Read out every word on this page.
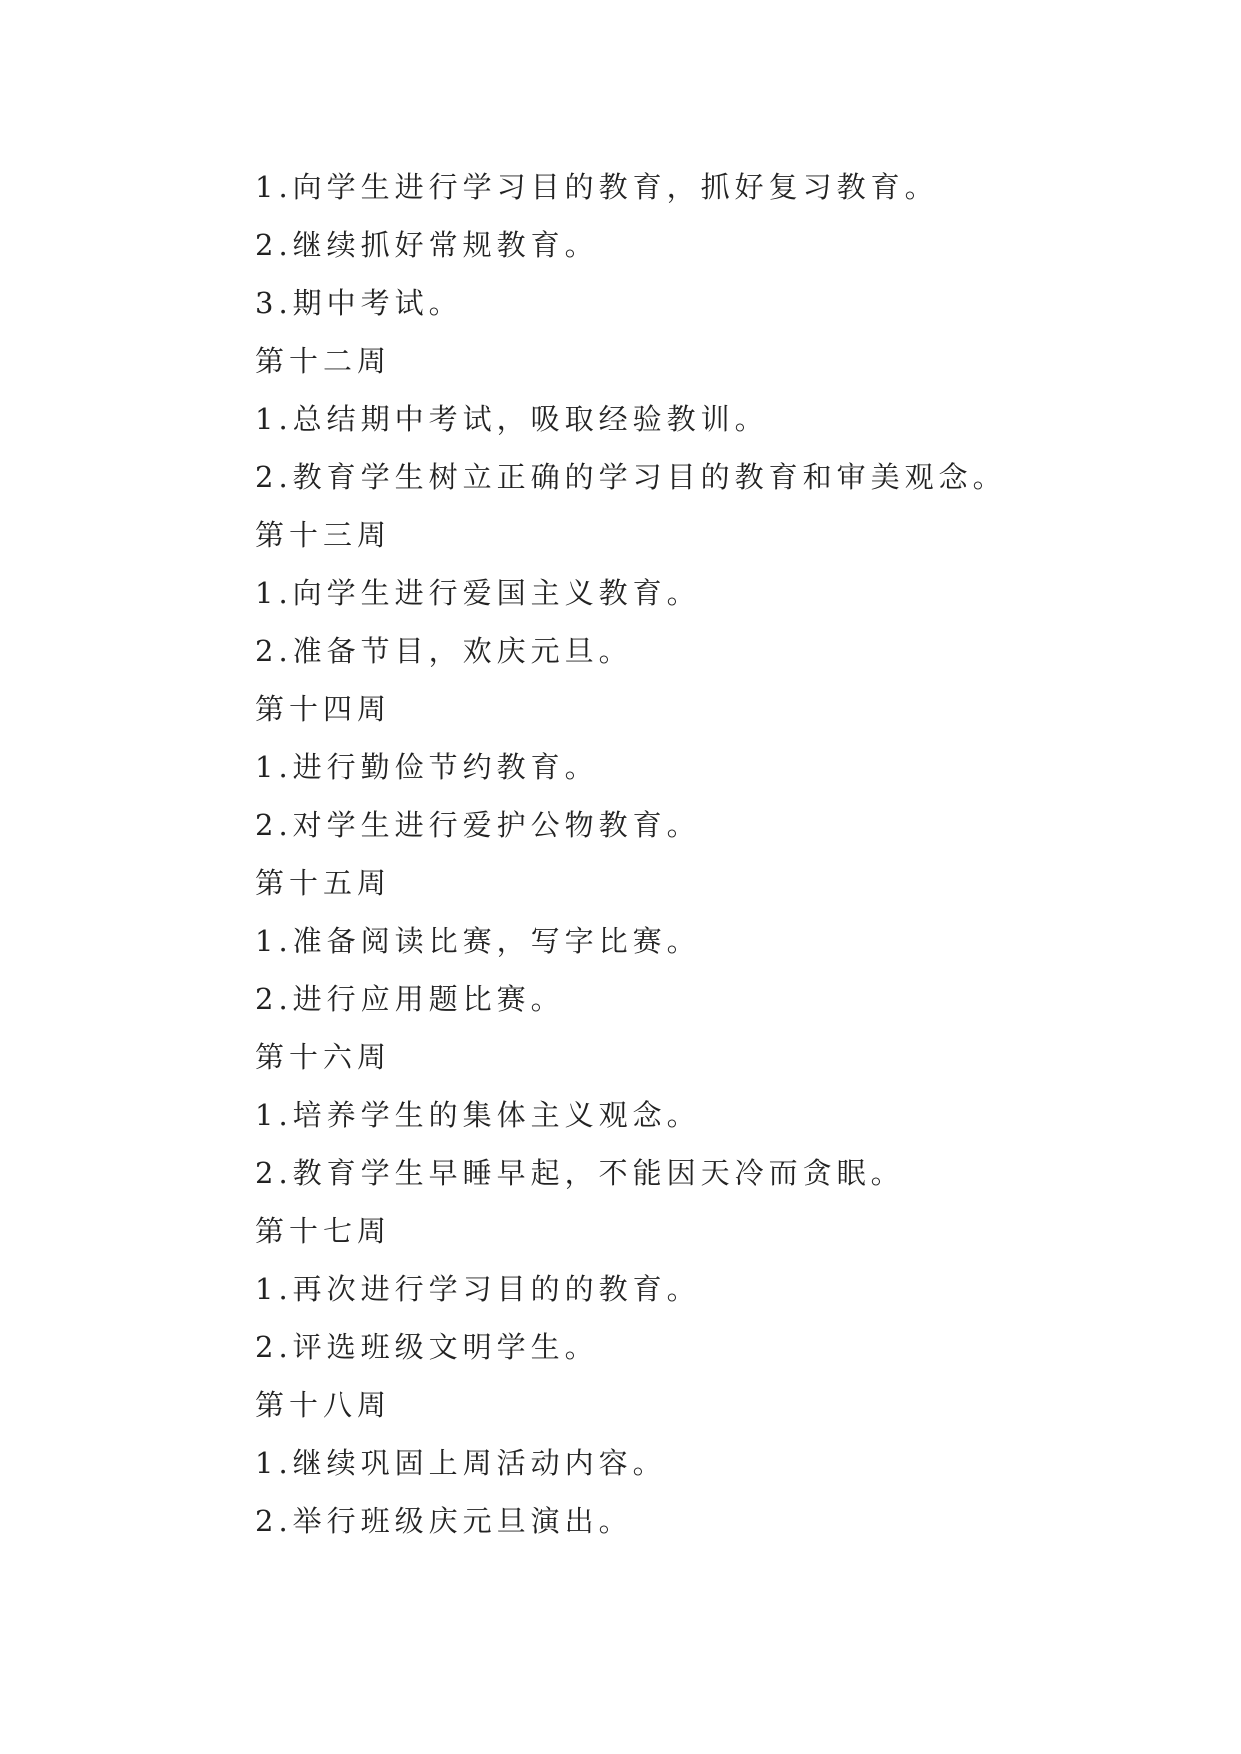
1.向学生进行学习目的教育，抓好复习教育。
2.继续抓好常规教育。
3.期中考试。
第十二周
1.总结期中考试，吸取经验教训。
2.教育学生树立正确的学习目的教育和审美观念。
第十三周
1.向学生进行爱国主义教育。
2.准备节目，欢庆元旦。
第十四周
1.进行勤俭节约教育。
2.对学生进行爱护公物教育。
第十五周
1.准备阅读比赛，写字比赛。
2.进行应用题比赛。
第十六周
1.培养学生的集体主义观念。
2.教育学生早睡早起，不能因天冷而贪眠。
第十七周
1.再次进行学习目的的教育。
2.评选班级文明学生。
第十八周
1.继续巩固上周活动内容。
2.举行班级庆元旦演出。
